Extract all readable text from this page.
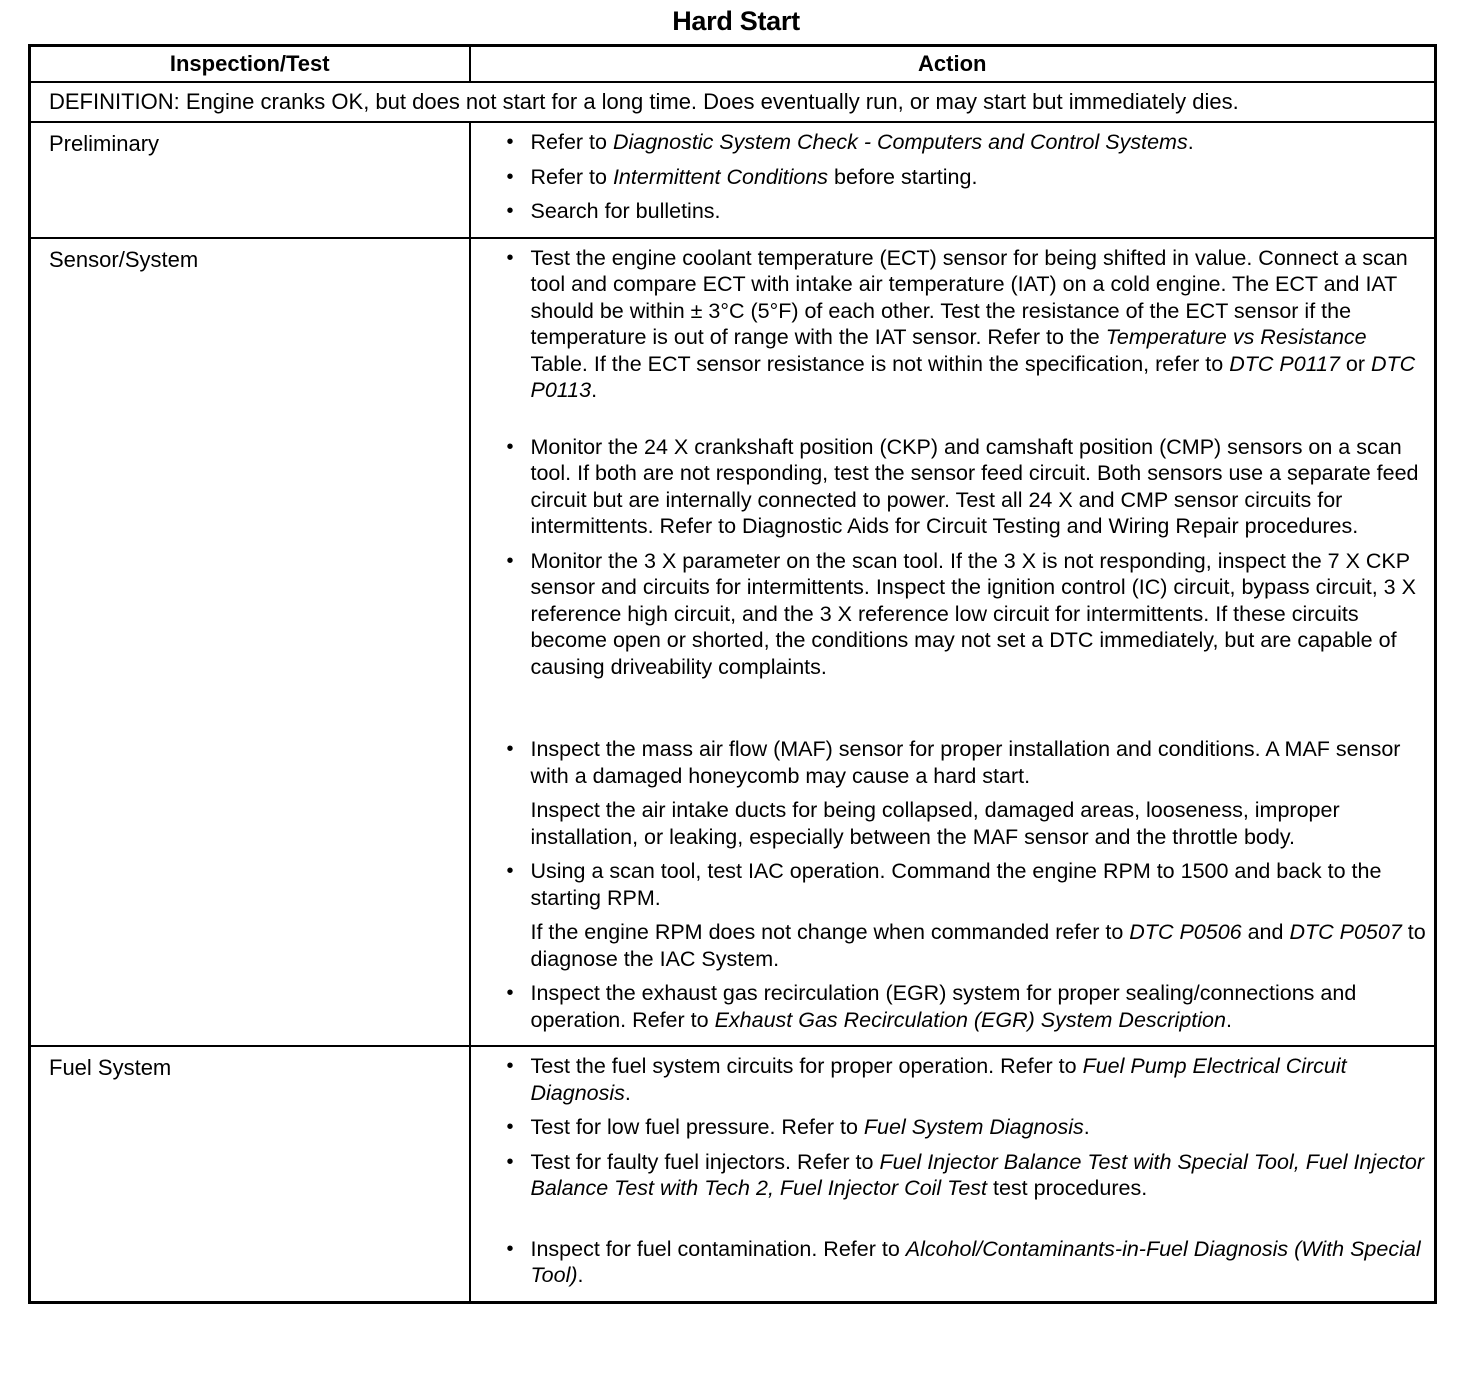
Hard Start
Inspection/Test	Action
DEFINITION: Engine cranks OK, but does not start for a long time. Does eventually run, or may start but immediately dies.	
Preliminary	• Refer to Diagnostic System Check - Computers and Control Systems.
• Refer to Intermittent Conditions before starting.
• Search for bulletins.

Sensor/System	• Test the engine coolant temperature (ECT) sensor for being shifted in value. Connect a scan tool and compare ECT with intake air temperature (IAT) on a cold engine. The ECT and IAT should be within ± 3°C (5°F) of each other. Test the resistance of the ECT sensor if the temperature is out of range with the IAT sensor. Refer to the Temperature vs Resistance Table. If the ECT sensor resistance is not within the specification, refer to DTC P0117 or DTC P0113.
• Monitor the 24 X crankshaft position (CKP) and camshaft position (CMP) sensors on a scan tool. If both are not responding, test the sensor feed circuit. Both sensors use a separate feed circuit but are internally connected to power. Test all 24 X and CMP sensor circuits for intermittents. Refer to Diagnostic Aids for Circuit Testing and Wiring Repair procedures.
• Monitor the 3 X parameter on the scan tool. If the 3 X is not responding, inspect the 7 X CKP sensor and circuits for intermittents. Inspect the ignition control (IC) circuit, bypass circuit, 3 X reference high circuit, and the 3 X reference low circuit for intermittents. If these circuits become open or shorted, the conditions may not set a DTC immediately, but are capable of causing driveability complaints.
• Inspect the mass air flow (MAF) sensor for proper installation and conditions. A MAF sensor with a damaged honeycomb may cause a hard start.
Inspect the air intake ducts for being collapsed, damaged areas, looseness, improper installation, or leaking, especially between the MAF sensor and the throttle body.
• Using a scan tool, test IAC operation. Command the engine RPM to 1500 and back to the starting RPM.
If the engine RPM does not change when commanded refer to DTC P0506 and DTC P0507 to diagnose the IAC System.
• Inspect the exhaust gas recirculation (EGR) system for proper sealing/connections and operation. Refer to Exhaust Gas Recirculation (EGR) System Description.

Fuel System	• Test the fuel system circuits for proper operation. Refer to Fuel Pump Electrical Circuit Diagnosis.
• Test for low fuel pressure. Refer to Fuel System Diagnosis.
• Test for faulty fuel injectors. Refer to Fuel Injector Balance Test with Special Tool, Fuel Injector Balance Test with Tech 2, Fuel Injector Coil Test test procedures.
• Inspect for fuel contamination. Refer to Alcohol/Contaminants-in-Fuel Diagnosis (With Special Tool).
